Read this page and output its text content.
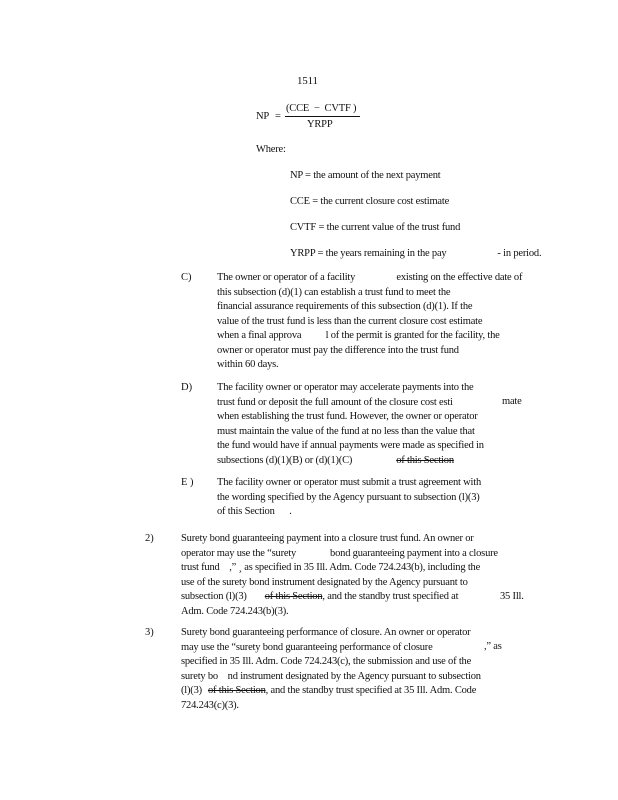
1511
NP =
(CCE  −  CVTF )
YRPP
Where:
NP = the amount of the next payment
CCE = the current closure cost estimate
CVTF = the current value of the trust fund
YRPP = the years remaining in the pay                     - in period.
C) The owner or operator of a facility                 existing on the effective date of
this subsection (d)(1) can establish a trust fund to meet the
financial assurance requirements of this subsection (d)(1). If the
value of the trust fund is less than the current closure cost estimate
when a final approva          l of the permit is granted for the facility, the
owner or operator must pay the difference into the trust fund
within 60 days.
D) The facility owner or operator may accelerate payments into the
trust fund or deposit the full amount of the closure cost esti
when establishing the trust fund. However, the owner or operator
must maintain the value of the fund at no less than the value that
the fund would have if annual payments were made as specified in
subsections (d)(1)(B) or (d)(1)(C)	of this Section
mate
E ) The facility owner or operator must submit a trust agreement with
the wording specified by the Agency pursuant to subsection (l)(3)
of this Section      .
2)	Surety bond guaranteeing payment into a closure trust fund. An owner or
operator may use the “surety              bond guaranteeing payment into a closure
trust fund    ,” ¸ as specified in 35 Ill. Adm. Code 724.243(b), including the
use of the surety bond instrument designated by the Agency pursuant to
subsection (l)(3) of this Section, and the standby trust specified at
Adm. Code 724.243(b)(3).
35 Ill.
3)	Surety bond guaranteeing performance of closure. An owner or operator
may use the “surety bond guaranteeing performance of closure
specified in 35 Ill. Adm. Code 724.243(c), the submission and use of the
surety bo    nd instrument designated by the Agency pursuant to subsection
(l)(3) of this Section, and the standby trust specified at 35 Ill. Adm. Code
724.243(c)(3).
,” as
